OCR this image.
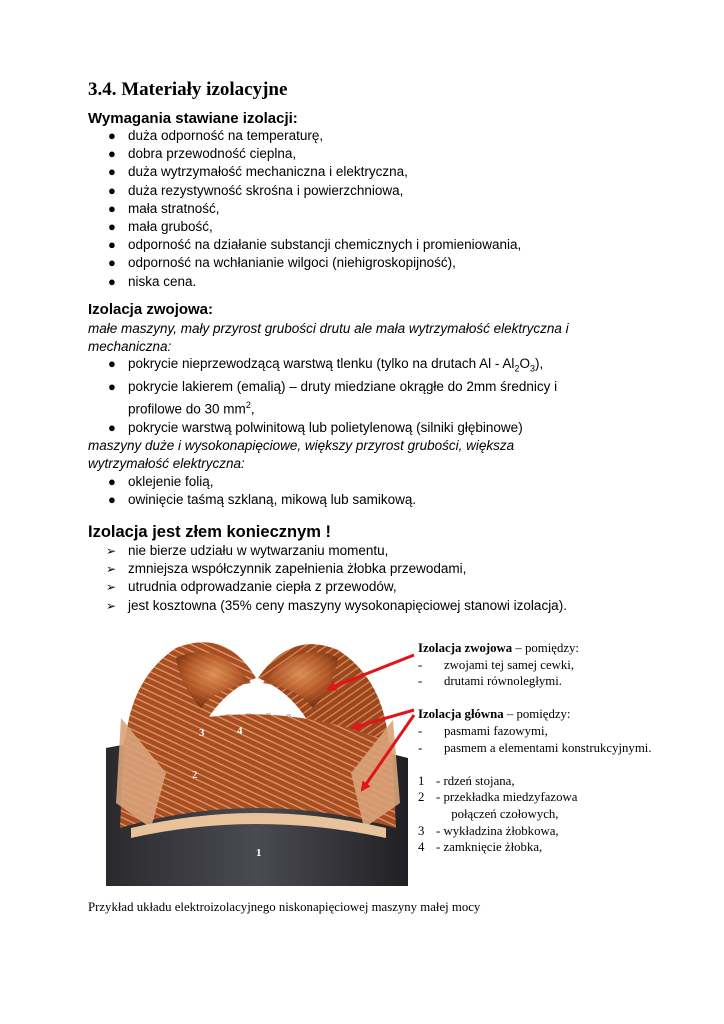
3.4. Materiały izolacyjne
Wymagania stawiane izolacji:
● duża odporność na temperaturę,
● dobra przewodność cieplna,
● duża wytrzymałość mechaniczna i elektryczna,
● duża rezystywność skrośna i powierzchniowa,
● mała stratność,
● mała grubość,
● odporność na działanie substancji chemicznych i promieniowania,
● odporność na wchłanianie wilgoci (niehigroskopijność),
● niska cena.
Izolacja zwojowa:

małe maszyny, mały przyrost grubości drutu ale mała wytrzymałość elektryczna i mechaniczna:

● pokrycie nieprzewodzącą warstwą tlenku (tylko na drutach Al - $Al_2O_3$),
● pokrycie lakierem (emalią) – druty miedziane okrągłe do 2mm średnicy i
profilowe do 30 $mm^2$,
● pokrycie warstwą polwinitową lub polietylenową (silniki głębinowe)

maszyny duże i wysokonapięciowe, większy przyrost grubości, większa wytrzymałość elektryczna:

● oklejenie folią,
● owinięcie taśmą szklaną, mikową lub samikową.
Izolacja jest złem koniecznym !
➢ nie bierze udziału w wytwarzaniu momentu,
➢ zmniejsza współczynnik zapełnienia żłobka przewodami,
➢ utrudnia odprowadzanie ciepła z przewodów,
➢ jest kosztowna (35% ceny maszyny wysokonapięciowej stanowi izolacja).
3	4
2
1
Izolacja zwojowa – pomiędzy:
- zwojami tej samej cewki,
- drutami równoległymi.
Izolacja główna – pomiędzy:
- pasmami fazowymi,
- pasmem a elementami konstrukcyjnymi.
1 - rdzeń stojana,
2 - przekładka miedzyfazowa
połączeń czołowych,
3 - wykładzina żłobkowa,
4 - zamknięcie żłobka,
Przykład układu elektroizolacyjnego niskonapięciowej maszyny małej mocy
